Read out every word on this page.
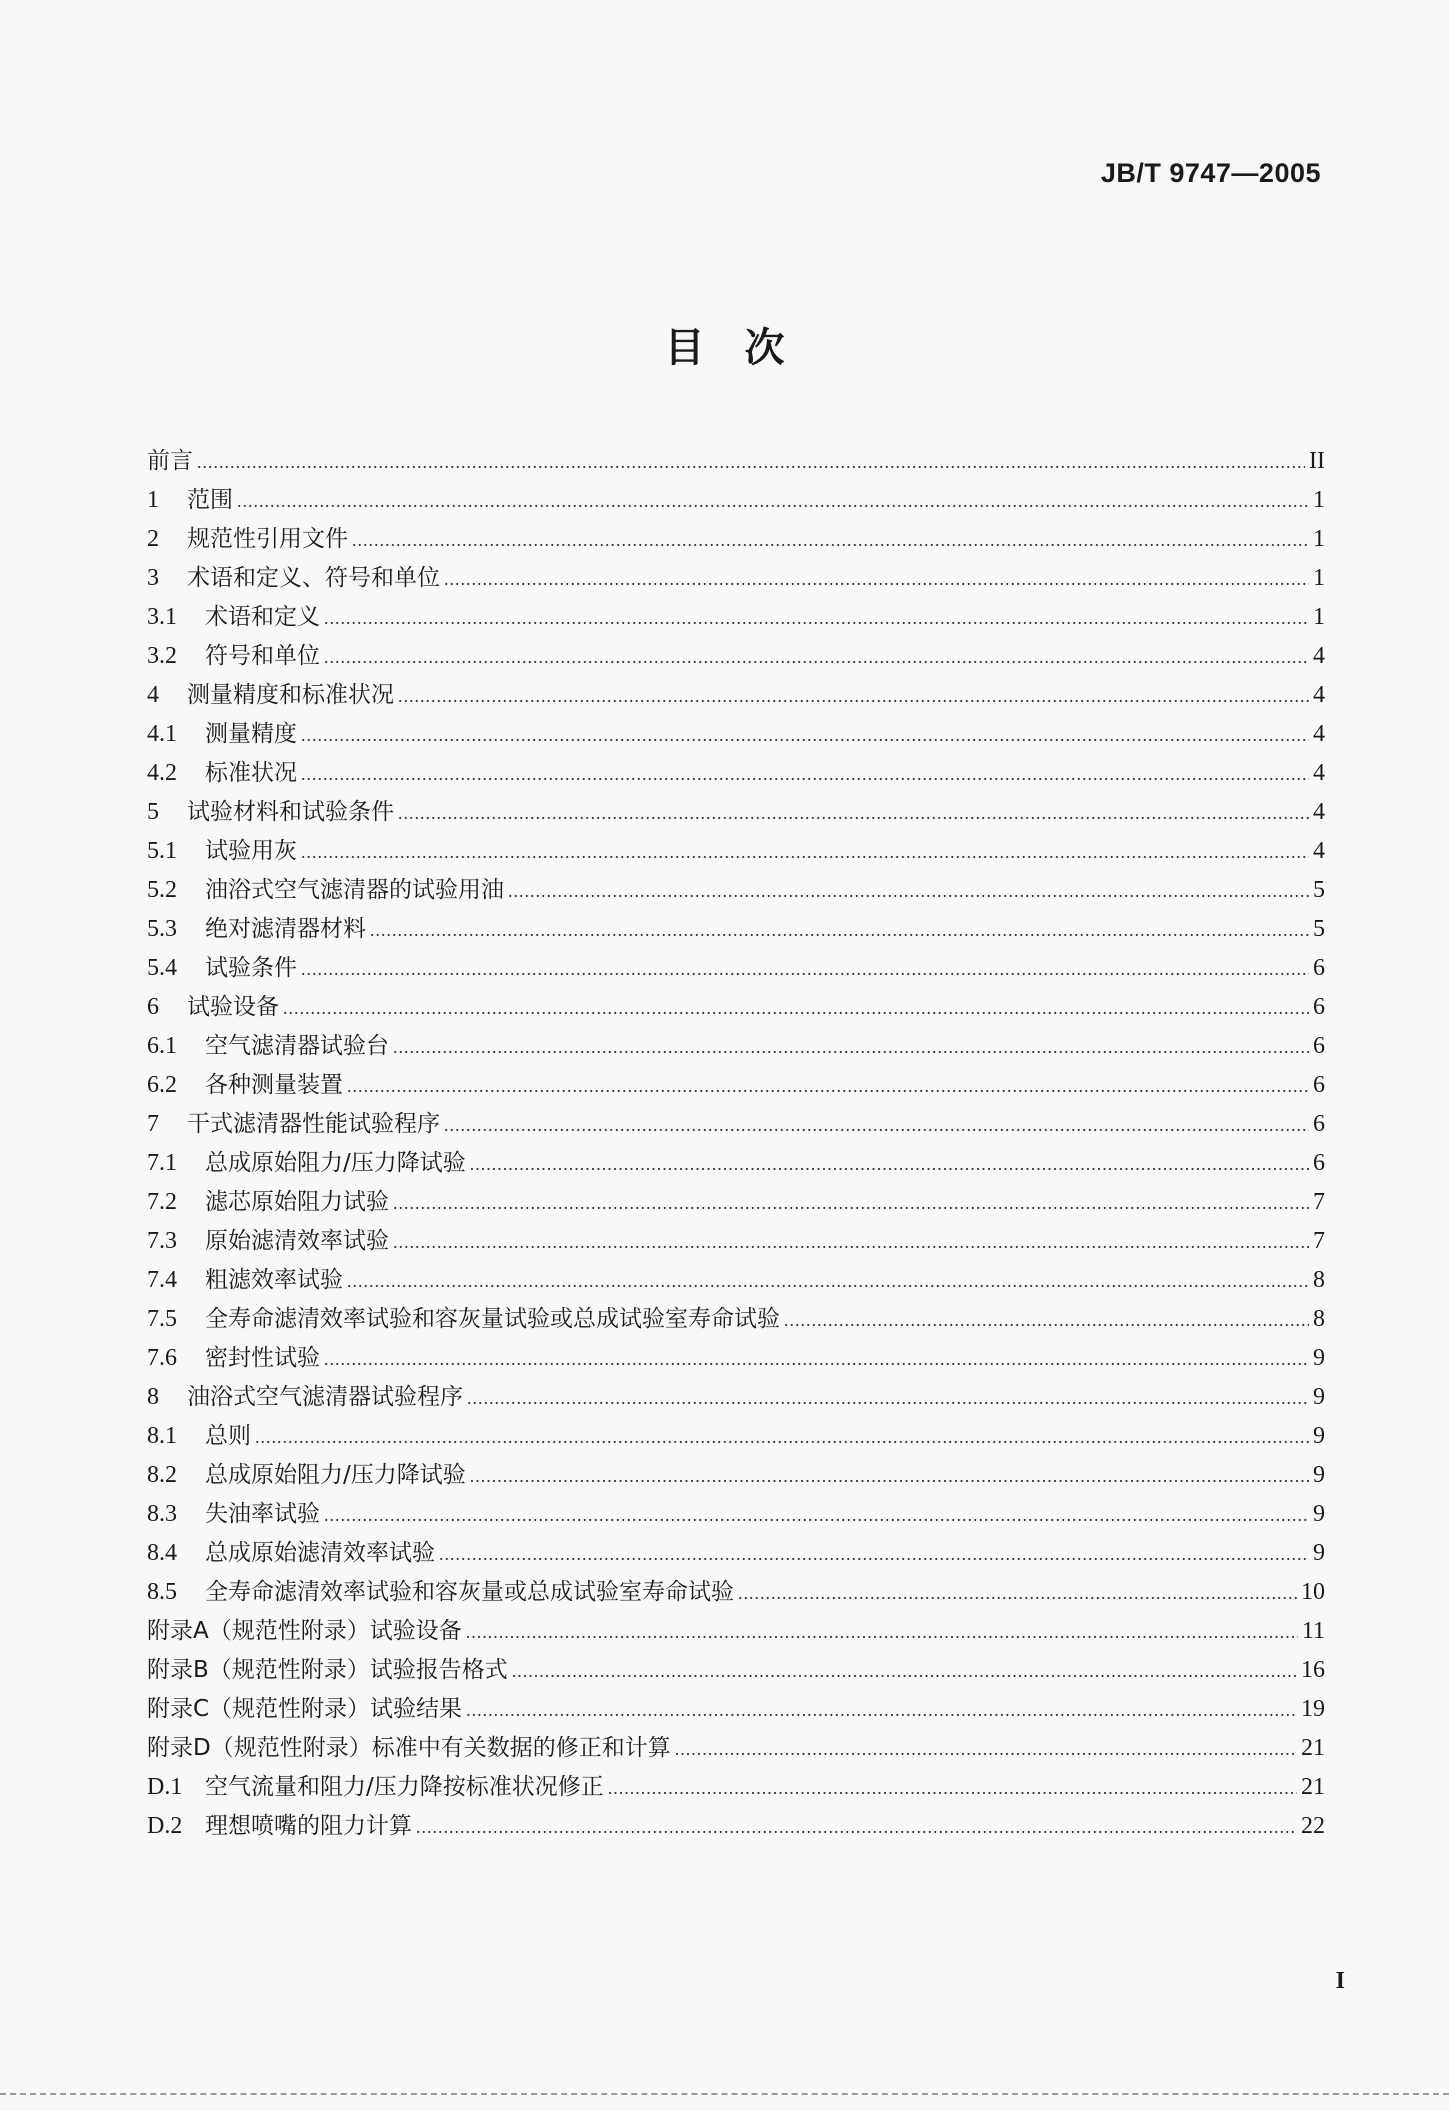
JB/T 9747—2005
目　次
前言 .....	II
1	范围 .....	1
2	规范性引用文件 .....	1
3	术语和定义、符号和单位 .....	1
3.1	术语和定义 .....	1
3.2	符号和单位 .....	4
4	测量精度和标准状况 .....	4
4.1	测量精度 .....	4
4.2	标准状况 .....	4
5	试验材料和试验条件 .....	4
5.1	试验用灰 .....	4
5.2	油浴式空气滤清器的试验用油 .....	5
5.3	绝对滤清器材料 .....	5
5.4	试验条件 .....	6
6	试验设备 .....	6
6.1	空气滤清器试验台 .....	6
6.2	各种测量装置 .....	6
7	干式滤清器性能试验程序 .....	6
7.1	总成原始阻力/压力降试验 .....	6
7.2	滤芯原始阻力试验 .....	7
7.3	原始滤清效率试验 .....	7
7.4	粗滤效率试验 .....	8
7.5	全寿命滤清效率试验和容灰量试验或总成试验室寿命试验 .....	8
7.6	密封性试验 .....	9
8	油浴式空气滤清器试验程序 .....	9
8.1	总则 .....	9
8.2	总成原始阻力/压力降试验 .....	9
8.3	失油率试验 .....	9
8.4	总成原始滤清效率试验 .....	9
8.5	全寿命滤清效率试验和容灰量或总成试验室寿命试验 .....	10
附录A（规范性附录）试验设备 .....	11
附录B（规范性附录）试验报告格式 .....	16
附录C（规范性附录）试验结果 .....	19
附录D（规范性附录）标准中有关数据的修正和计算 .....	21
D.1 空气流量和阻力/压力降按标准状况修正 .....	21
D.2 理想喷嘴的阻力计算 .....	22
I
